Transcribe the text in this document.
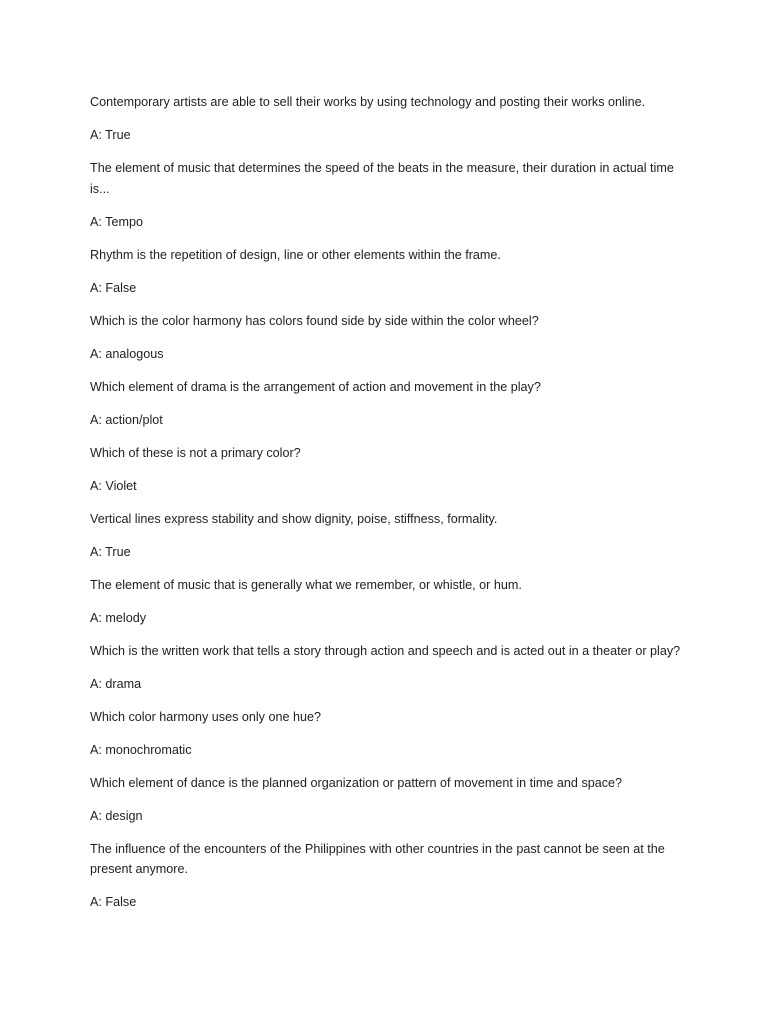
Contemporary artists are able to sell their works by using technology and posting their works online.

A: True

The element of music that determines the speed of the beats in the measure, their duration in actual time is...

A: Tempo

Rhythm is the repetition of design, line or other elements within the frame.

A: False

Which is the color harmony has colors found side by side within the color wheel?

A: analogous

Which element of drama is the arrangement of action and movement in the play?

A: action/plot

Which of these is not a primary color?

A: Violet

Vertical lines express stability and show dignity, poise, stiffness, formality.

A: True

The element of music that is generally what we remember, or whistle, or hum.

A: melody

Which is the written work that tells a story through action and speech and is acted out in a theater or play?

A: drama

Which color harmony uses only one hue?

A: monochromatic

Which element of dance is the planned organization or pattern of movement in time and space?

A: design

The influence of the encounters of the Philippines with other countries in the past cannot be seen at the present anymore.

A: False
